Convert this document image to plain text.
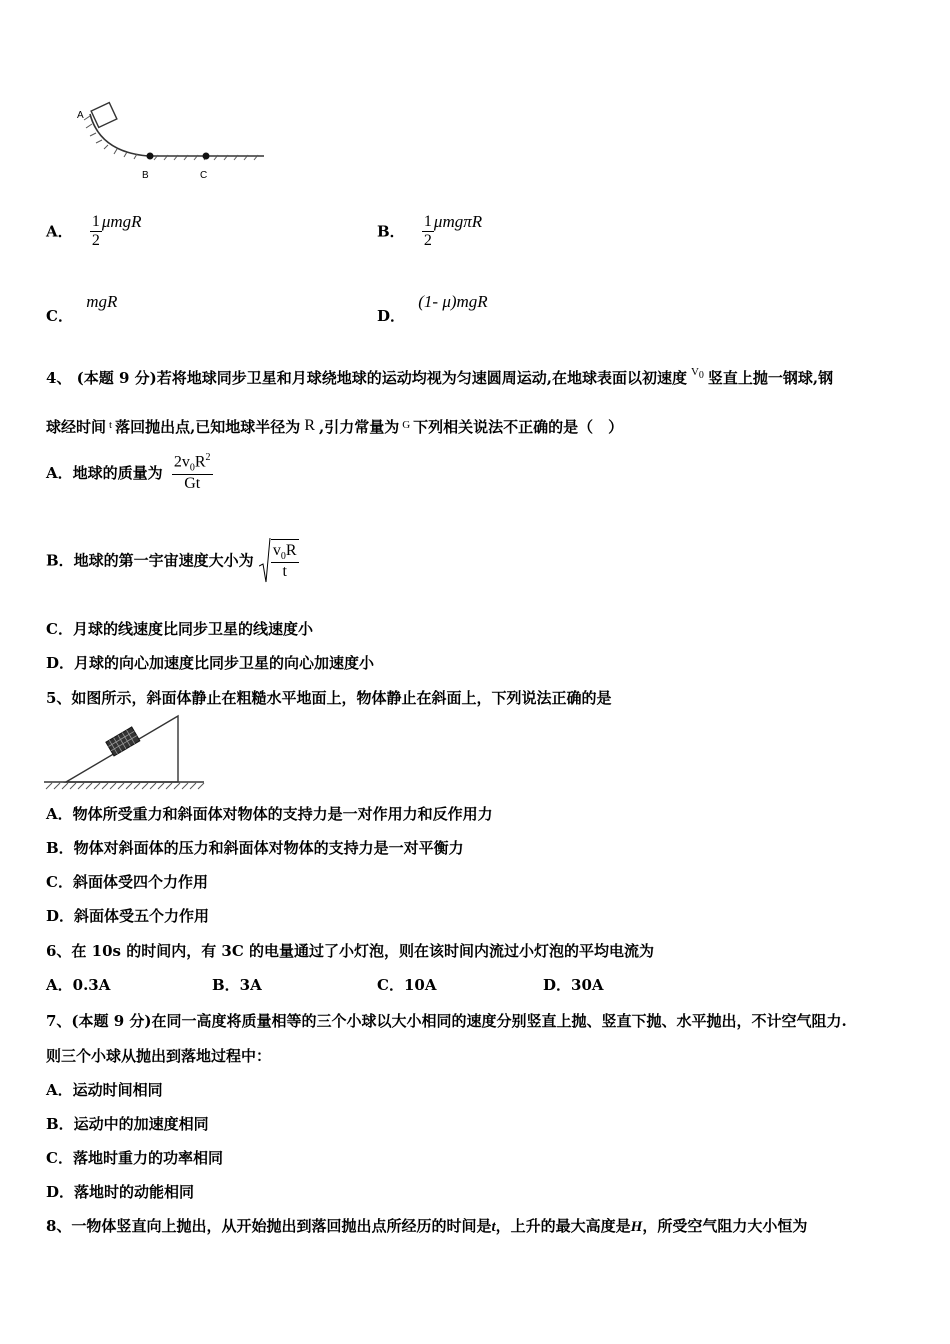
A
B	C
A． $\frac{1}{2}$ μmgR
B． $\frac{1}{2}$ μmgπR
C． mgR
D． (1- μ)mgR
4、 (本题 9 分)若将地球同步卫星和月球绕地球的运动均视为匀速圆周运动,在地球表面以初速度 $^{V0}$ 竖直上抛一钢球,钢
球经时间 $^t$ 落回抛出点,已知地球半径为 R ,引力常量为 $^G$ 下列相关说法不正确的是（　）
A．地球的质量为 $\frac{2v_0R^2}{Gt}$
B．地球的第一宇宙速度大小为 $\frac{v_0R}{t}$
C．月球的线速度比同步卫星的线速度小
D．月球的向心加速度比同步卫星的向心加速度小
5、如图所示，斜面体静止在粗糙水平地面上，物体静止在斜面上，下列说法正确的是
A．物体所受重力和斜面体对物体的支持力是一对作用力和反作用力
B．物体对斜面体的压力和斜面体对物体的支持力是一对平衡力
C．斜面体受四个力作用
D．斜面体受五个力作用
6、在 10s 的时间内，有 3C 的电量通过了小灯泡，则在该时间内流过小灯泡的平均电流为
A．0.3A	B．3A	C．10A	D．30A
7、(本题 9 分)在同一高度将质量相等的三个小球以大小相同的速度分别竖直上抛、竖直下抛、水平抛出，不计空气阻力.
则三个小球从抛出到落地过程中：
A．运动时间相同
B．运动中的加速度相同
C．落地时重力的功率相同
D．落地时的动能相同
8、一物体竖直向上抛出，从开始抛出到落回抛出点所经历的时间是t，上升的最大高度是H，所受空气阻力大小恒为
